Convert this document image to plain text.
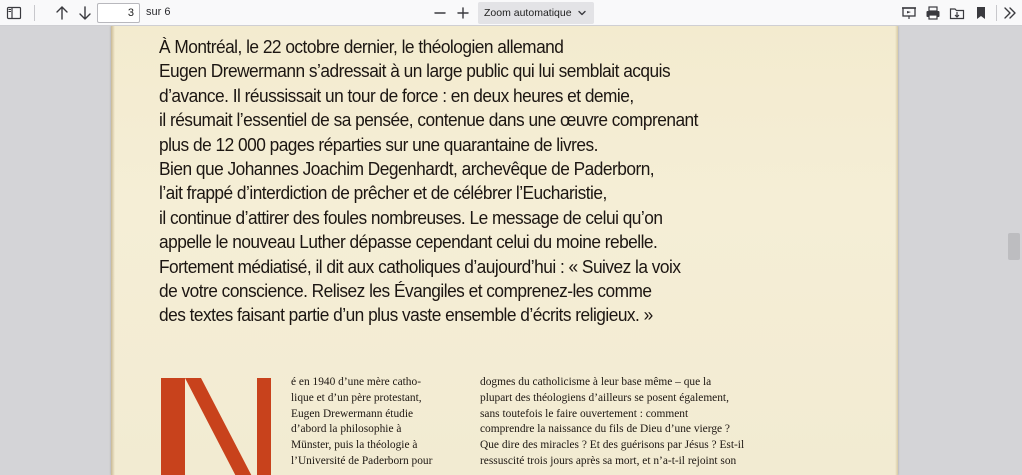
3
sur 6	Zoom automatique
À Montréal, le 22 octobre dernier, le théologien allemand
Eugen Drewermann s’adressait à un large public qui lui semblait acquis
d’avance. Il réussissait un tour de force : en deux heures et demie,
il résumait l’essentiel de sa pensée, contenue dans une œuvre comprenant
plus de 12 000 pages réparties sur une quarantaine de livres.
Bien que Johannes Joachim Degenhardt, archevêque de Paderborn,
l’ait frappé d’interdiction de prêcher et de célébrer l’Eucharistie,
il continue d’attirer des foules nombreuses. Le message de celui qu’on
appelle le nouveau Luther dépasse cependant celui du moine rebelle.
Fortement médiatisé, il dit aux catholiques d’aujourd’hui : « Suivez la voix
de votre conscience. Relisez les Évangiles et comprenez-les comme
des textes faisant partie d’un plus vaste ensemble d’écrits religieux. »
é en 1940 d’une mère catho-
lique et d’un père protestant,
Eugen Drewermann étudie
d’abord la philosophie à
Münster, puis la théologie à
l’Université de Paderborn pour
dogmes du catholicisme à leur base même – que la
plupart des théologiens d’ailleurs se posent également,
sans toutefois le faire ouvertement : comment
comprendre la naissance du fils de Dieu d’une vierge ?
Que dire des miracles ? Et des guérisons par Jésus ? Est-il
ressuscité trois jours après sa mort, et n’a-t-il rejoint son
